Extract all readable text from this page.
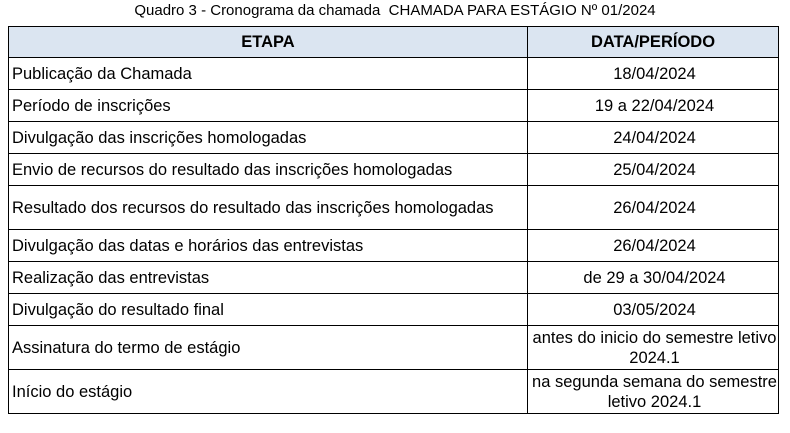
Quadro 3 - Cronograma da chamada  CHAMADA PARA ESTÁGIO Nº 01/2024
ETAPA	DATA/PERÍODO
Publicação da Chamada	18/04/2024
Período de inscrições	19 a 22/04/2024
Divulgação das inscrições homologadas	24/04/2024
Envio de recursos do resultado das inscrições homologadas	25/04/2024
Resultado dos recursos do resultado das inscrições homologadas	26/04/2024
Divulgação das datas e horários das entrevistas	26/04/2024
Realização das entrevistas	de 29 a 30/04/2024
Divulgação do resultado final	03/05/2024
Assinatura do termo de estágio	antes do inicio do semestre letivo 2024.1
Início do estágio	na segunda semana do semestre letivo 2024.1
